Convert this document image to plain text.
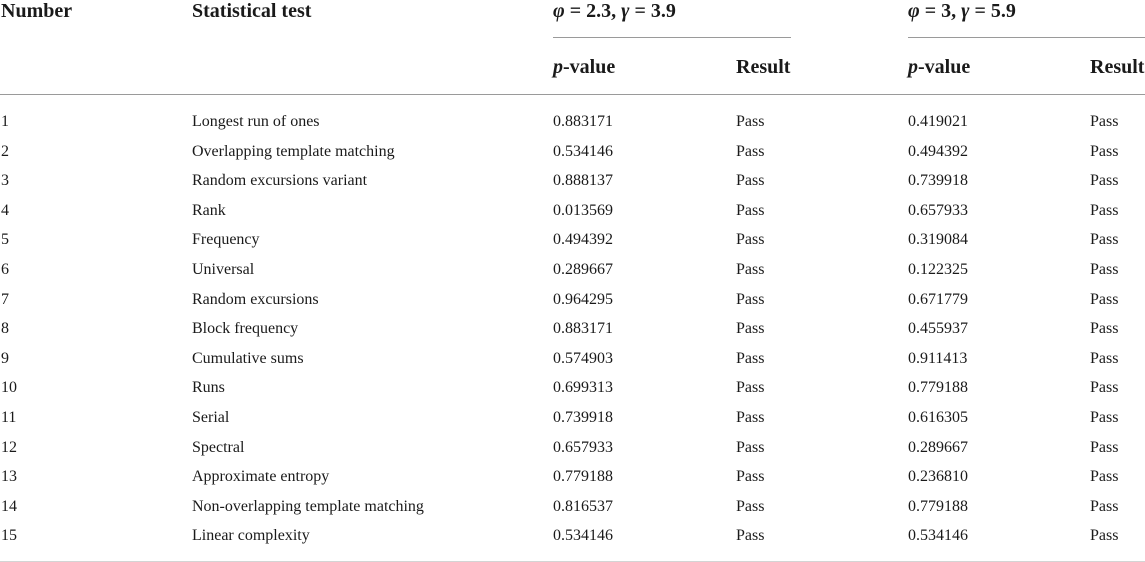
Number	Statistical test	φ = 2.3, γ = 3.9	φ = 3, γ = 5.9
p-value	Result	p-value	Result
1	Longest run of ones	0.883171	Pass	0.419021	Pass
2	Overlapping template matching	0.534146	Pass	0.494392	Pass
3	Random excursions variant	0.888137	Pass	0.739918	Pass
4	Rank	0.013569	Pass	0.657933	Pass
5	Frequency	0.494392	Pass	0.319084	Pass
6	Universal	0.289667	Pass	0.122325	Pass
7	Random excursions	0.964295	Pass	0.671779	Pass
8	Block frequency	0.883171	Pass	0.455937	Pass
9	Cumulative sums	0.574903	Pass	0.911413	Pass
10	Runs	0.699313	Pass	0.779188	Pass
11	Serial	0.739918	Pass	0.616305	Pass
12	Spectral	0.657933	Pass	0.289667	Pass
13	Approximate entropy	0.779188	Pass	0.236810	Pass
14	Non-overlapping template matching	0.816537	Pass	0.779188	Pass
15	Linear complexity	0.534146	Pass	0.534146	Pass
